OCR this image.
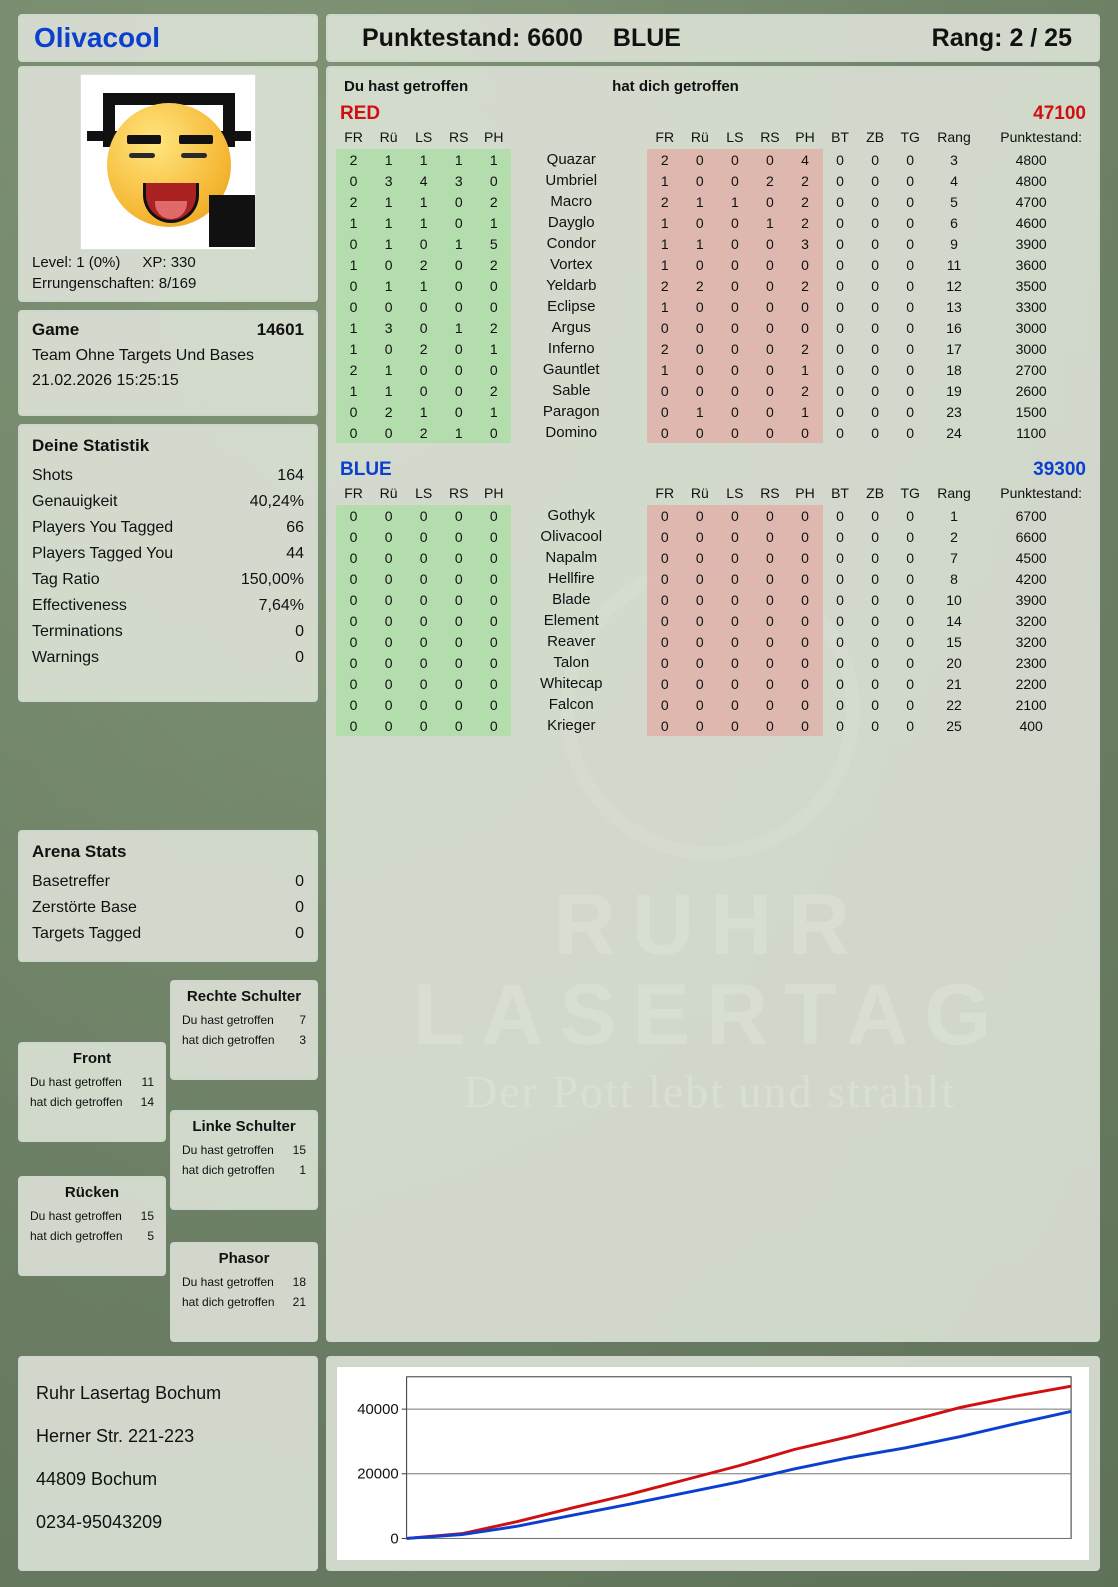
Olivacool	Punktestand: 6600 BLUE	Rang: 2 / 25
Level: 1 (0%) XP: 330
Errungenschaften: 8/169
Game	14601
Team Ohne Targets Und Bases
21.02.2026 15:25:15
Deine Statistik
Shots	164
Genauigkeit	40,24%
Players You Tagged	66
Players Tagged You	44
Tag Ratio	150,00%
Effectiveness	7,64%
Terminations	0
Warnings	0
Arena Stats
Basetreffer	0
Zerstörte Base	0
Targets Tagged	0
Rechte Schulter
Du hast getroffen 7
hat dich getroffen 3
Front
Du hast getroffen 11
hat dich getroffen 14
Linke Schulter
Du hast getroffen 15
hat dich getroffen 1
Rücken
Du hast getroffen 15
hat dich getroffen 5
Phasor
Du hast getroffen 18
hat dich getroffen 21
Ruhr Lasertag Bochum
Herner Str. 221-223
44809 Bochum
0234-95043209
Du hast getroffen	hat dich getroffen
RED	47100
FR	Rü	LS	RS	PH		FR	Rü	LS	RS	PH	BT	ZB	TG	Rang	Punktestand:
2	1	1	1	1	Quazar	2	0	0	0	4	0	0	0	3	4800
0	3	4	3	0	Umbriel	1	0	0	2	2	0	0	0	4	4800
2	1	1	0	2	Macro	2	1	1	0	2	0	0	0	5	4700
1	1	1	0	1	Dayglo	1	0	0	1	2	0	0	0	6	4600
0	1	0	1	5	Condor	1	1	0	0	3	0	0	0	9	3900
1	0	2	0	2	Vortex	1	0	0	0	0	0	0	0	11	3600
0	1	1	0	0	Yeldarb	2	2	0	0	2	0	0	0	12	3500
0	0	0	0	0	Eclipse	1	0	0	0	0	0	0	0	13	3300
1	3	0	1	2	Argus	0	0	0	0	0	0	0	0	16	3000
1	0	2	0	1	Inferno	2	0	0	0	2	0	0	0	17	3000
2	1	0	0	0	Gauntlet	1	0	0	0	1	0	0	0	18	2700
1	1	0	0	2	Sable	0	0	0	0	2	0	0	0	19	2600
0	2	1	0	1	Paragon	0	1	0	0	1	0	0	0	23	1500
0	0	2	1	0	Domino	0	0	0	0	0	0	0	0	24	1100
BLUE	39300
FR	Rü	LS	RS	PH		FR	Rü	LS	RS	PH	BT	ZB	TG	Rang	Punktestand:
0	0	0	0	0	Gothyk	0	0	0	0	0	0	0	0	1	6700
0	0	0	0	0	Olivacool	0	0	0	0	0	0	0	0	2	6600
0	0	0	0	0	Napalm	0	0	0	0	0	0	0	0	7	4500
0	0	0	0	0	Hellfire	0	0	0	0	0	0	0	0	8	4200
0	0	0	0	0	Blade	0	0	0	0	0	0	0	0	10	3900
0	0	0	0	0	Element	0	0	0	0	0	0	0	0	14	3200
0	0	0	0	0	Reaver	0	0	0	0	0	0	0	0	15	3200
0	0	0	0	0	Talon	0	0	0	0	0	0	0	0	20	2300
0	0	0	0	0	Whitecap	0	0	0	0	0	0	0	0	21	2200
0	0	0	0	0	Falcon	0	0	0	0	0	0	0	0	22	2100
0	0	0	0	0	Krieger	0	0	0	0	0	0	0	0	25	400
0
20000
40000
